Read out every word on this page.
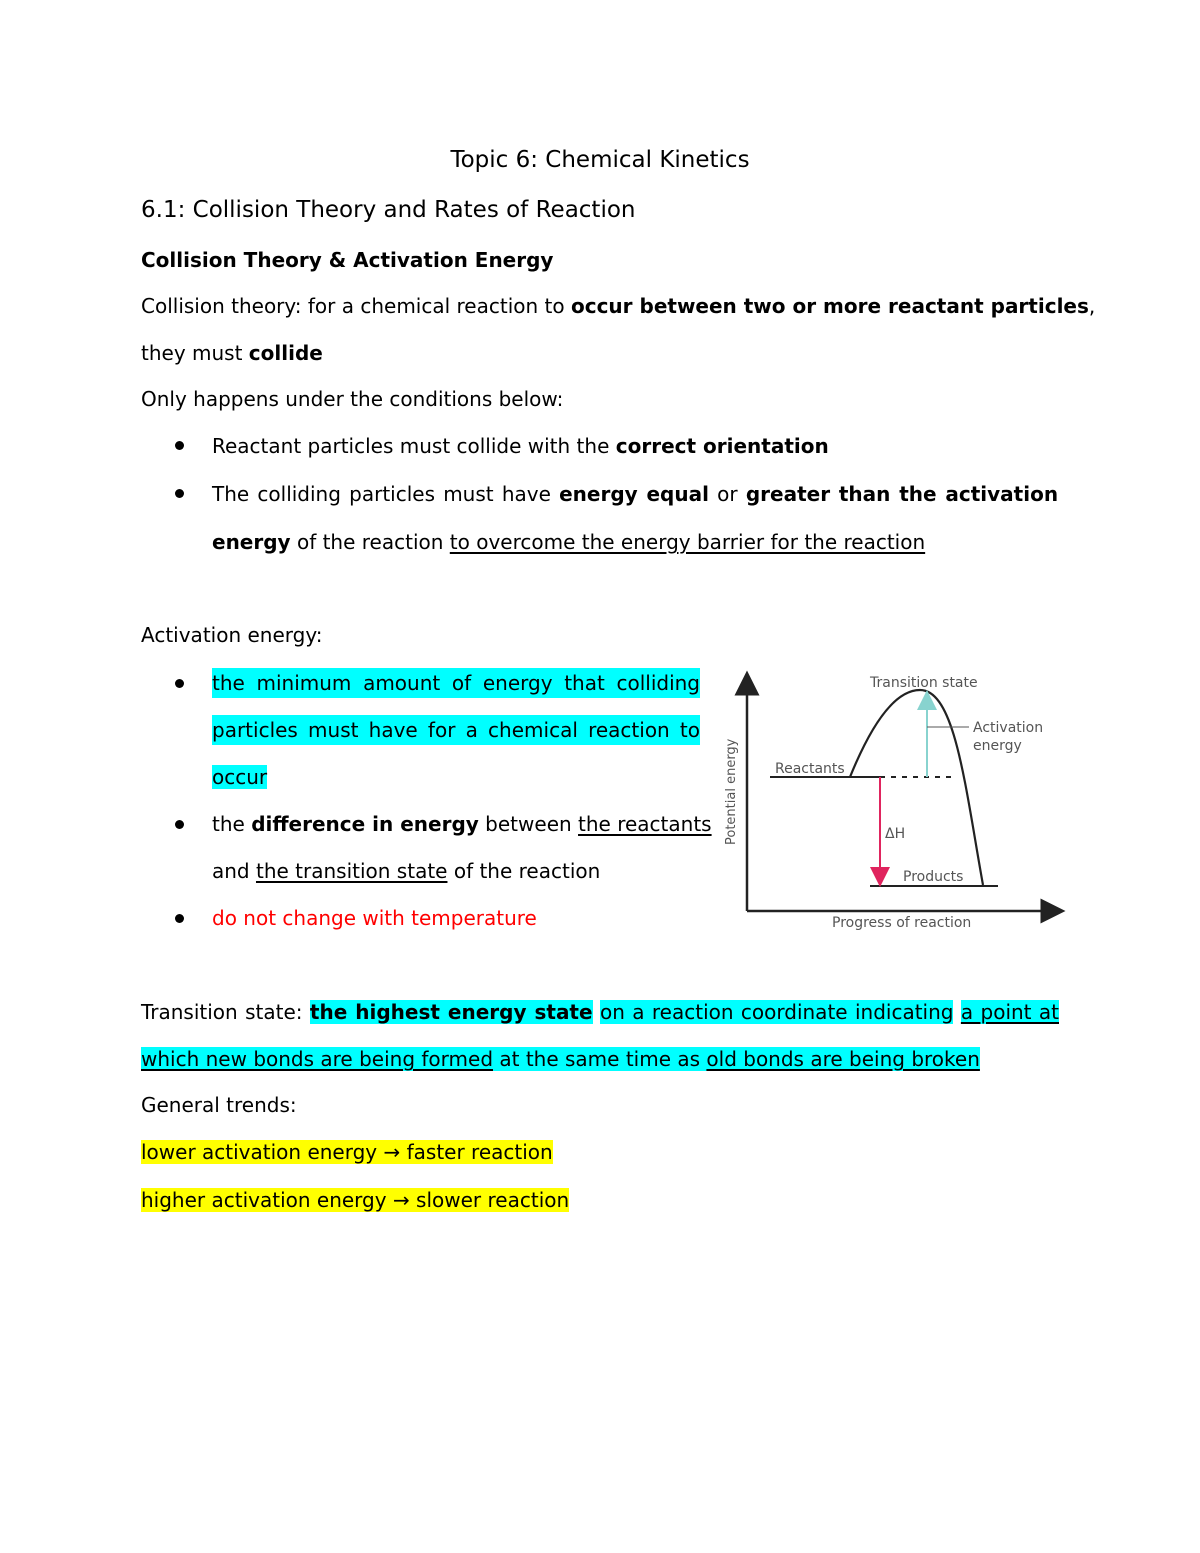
Topic 6: Chemical Kinetics
6.1: Collision Theory and Rates of Reaction
Collision Theory & Activation Energy
Collision theory: for a chemical reaction to occur between two or more reactant particles,
they must collide
Only happens under the conditions below:
Reactant particles must collide with the correct orientation
The colliding particles must have energy equal or greater than the activation
energy of the reaction to overcome the energy barrier for the reaction
Activation energy:
the minimum amount of energy that colliding
particles must have for a chemical reaction to
occur
the difference in energy between the reactants
and the transition state of the reaction
do not change with temperature
Transition state
Activation
energy
Reactants
ΔH
Products
Potential energy
Progress of reaction
Transition state: the highest energy state on a reaction coordinate indicating a point at
which new bonds are being formed at the same time as old bonds are being broken
General trends:
lower activation energy → faster reaction
higher activation energy → slower reaction
